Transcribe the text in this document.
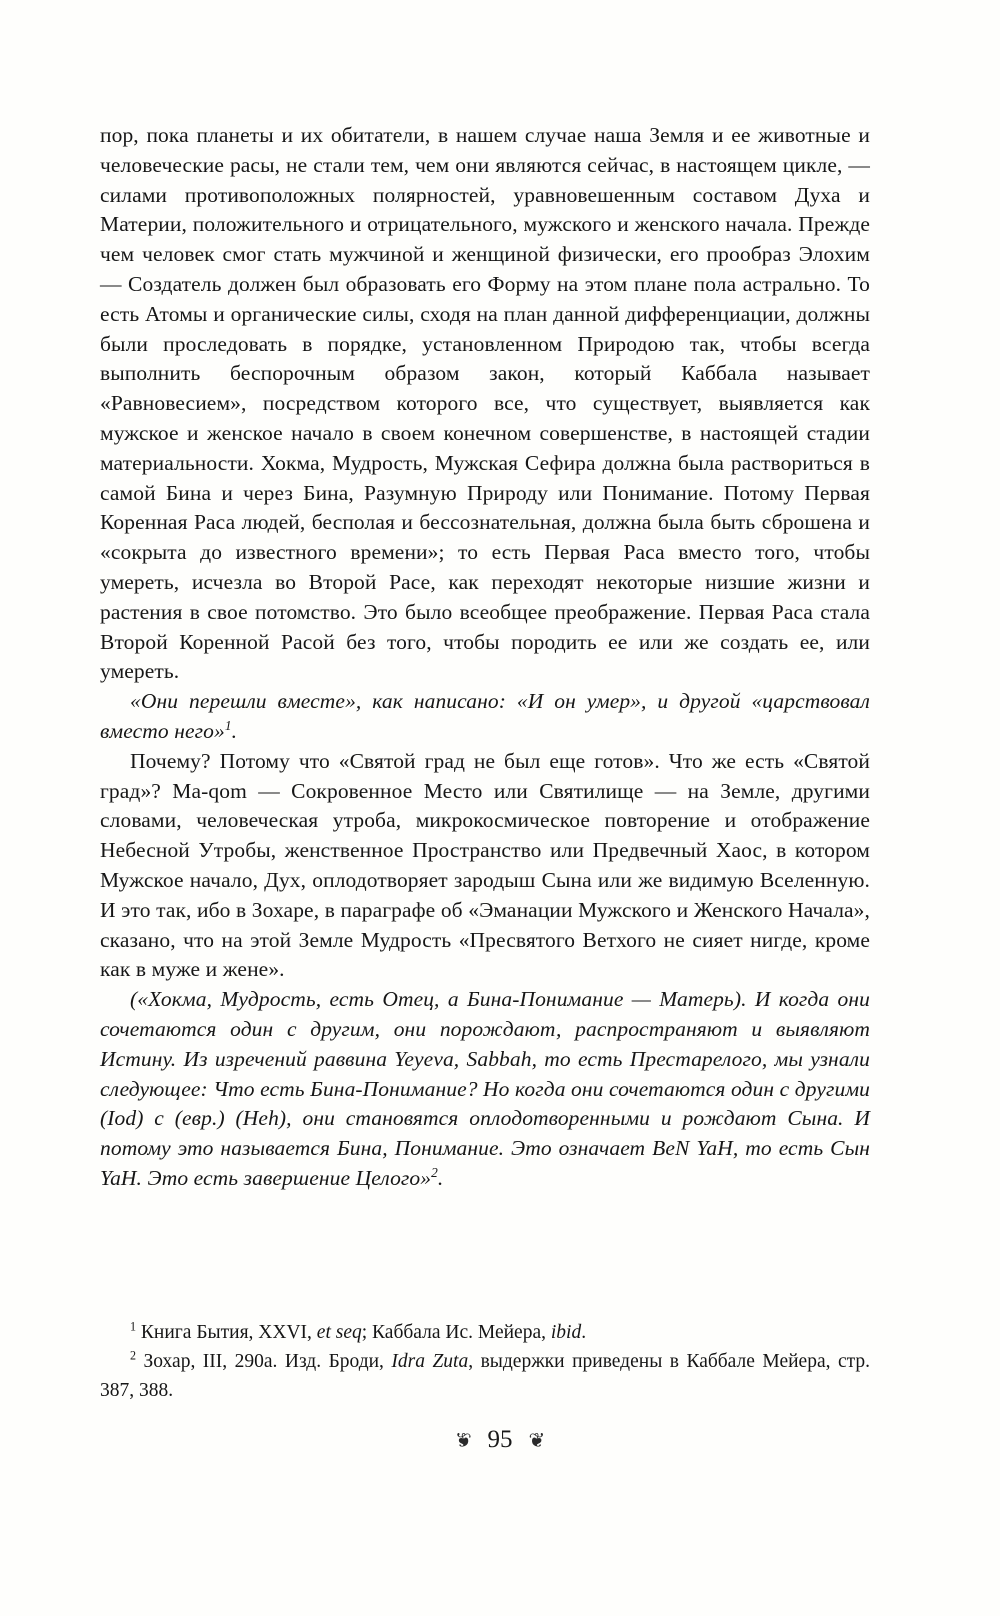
пор, пока планеты и их обитатели, в нашем случае наша Земля и ее животные и человеческие расы, не стали тем, чем они являются сейчас, в настоящем цикле, — силами противоположных полярностей, уравновешенным составом Духа и Материи, положительного и отрицательного, мужского и женского начала. Прежде чем человек смог стать мужчиной и женщиной физически, его прообраз Элохим — Создатель должен был образовать его Форму на этом плане пола астрально. То есть Атомы и органические силы, сходя на план данной дифференциации, должны были проследовать в порядке, установленном Природою так, чтобы всегда выполнить беспорочным образом закон, который Каббала называет «Равновесием», посредством которого все, что существует, выявляется как мужское и женское начало в своем конечном совершенстве, в настоящей стадии материальности. Хокма, Мудрость, Мужская Сефира должна была раствориться в самой Бина и через Бина, Разумную Природу или Понимание. Потому Первая Коренная Раса людей, бесполая и бессознательная, должна была быть сброшена и «сокрыта до известного времени»; то есть Первая Раса вместо того, чтобы умереть, исчезла во Второй Расе, как переходят некоторые низшие жизни и растения в свое потомство. Это было всеобщее преображение. Первая Раса стала Второй Коренной Расой без того, чтобы породить ее или же создать ее, или умереть.

«Они перешли вместе», как написано: «И он умер», и другой «царствовал вместо него»$^1$.

Почему? Потому что «Святой град не был еще готов». Что же есть «Святой град»? Ma-qom — Сокровенное Место или Святилище — на Земле, другими словами, человеческая утроба, микрокосмическое повторение и отображение Небесной Утробы, женственное Пространство или Предвечный Хаос, в котором Мужское начало, Дух, оплодотворяет зародыш Сына или же видимую Вселенную. И это так, ибо в Зохаре, в параграфе об «Эманации Мужского и Женского Начала», сказано, что на этой Земле Мудрость «Пресвятого Ветхого не сияет нигде, кроме как в муже и жене».

(«Хокма, Мудрость, есть Отец, а Бина-Понимание — Матерь). И когда они сочетаются один с другим, они порождают, распространяют и выявляют Истину. Из изречений раввина Yeyeva, Sabbah, то есть Престарелого, мы узнали следующее: Что есть Бина-Понимание? Но когда они сочетаются один с другими (Iod) с (евр.) (Heh), они становятся оплодотворенными и рождают Сына. И потому это называется Бина, Понимание. Это означает BeN YaH, то есть Сын YaH. Это есть завершение Целого»$^2$.

$^1$ Книга Бытия, XXVI, et seq; Каббала Ис. Мейера, ibid.

$^2$ Зохар, III, 290a. Изд. Броди, Idra Zuta, выдержки приведены в Каббале Мейера, стр. 387, 388.

❦ 95 ❦
